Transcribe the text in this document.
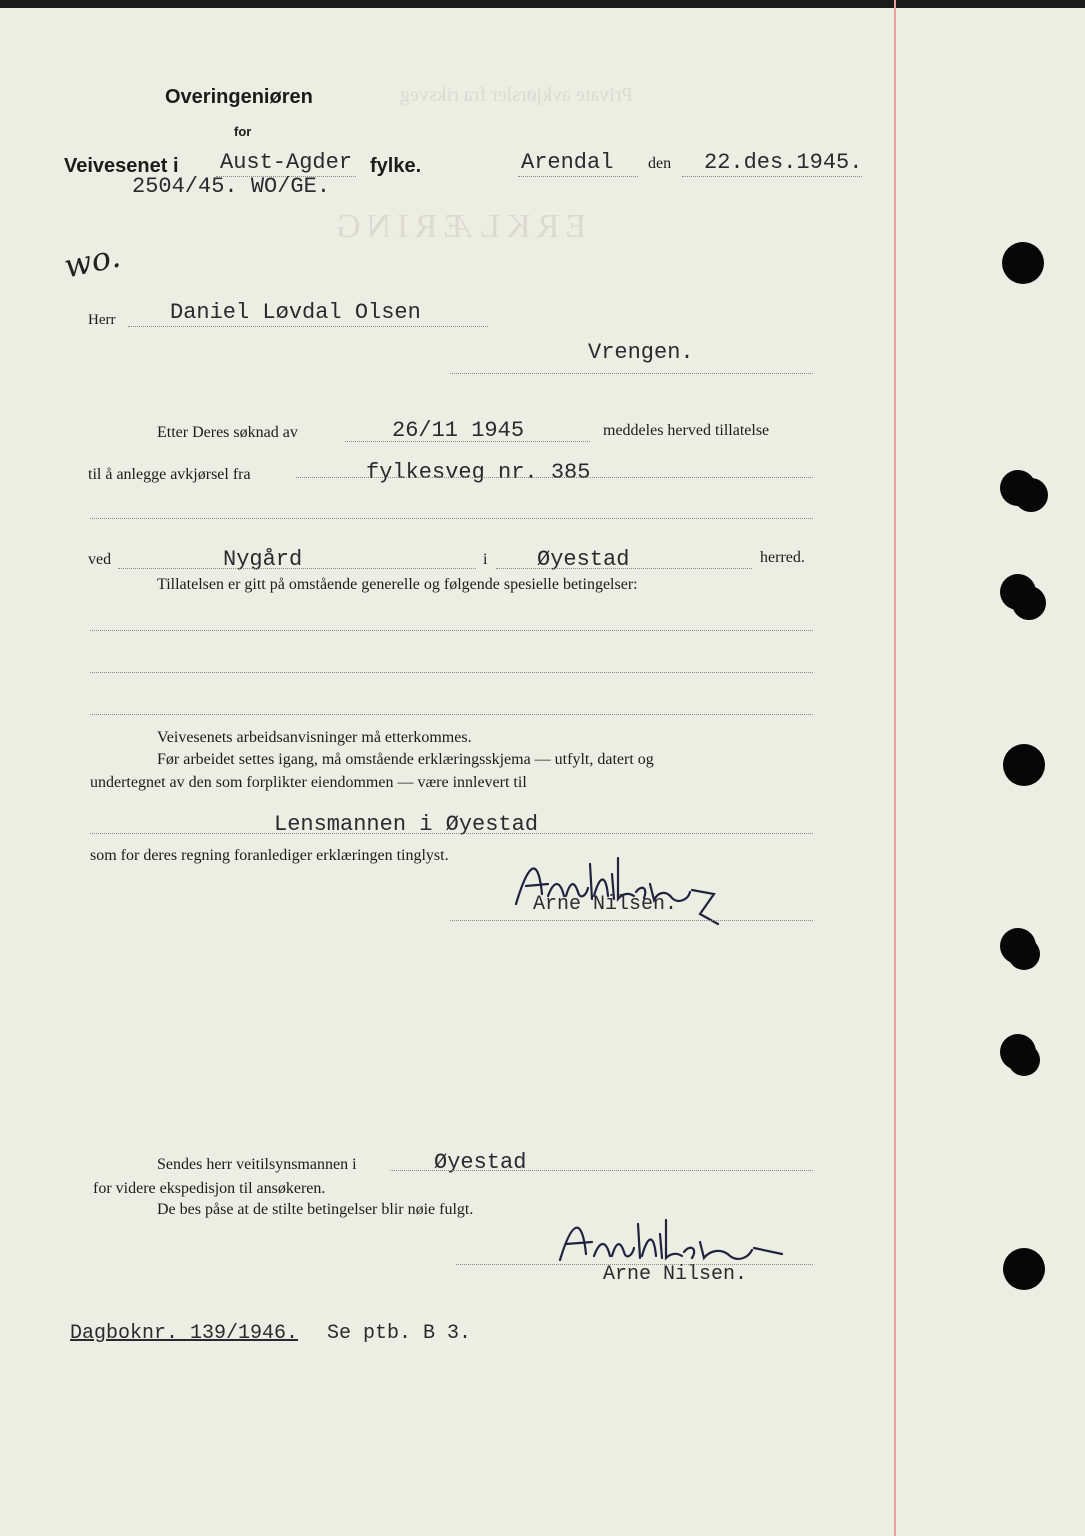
Private avkjørsler fra riksveg
ERKLÆRING
Overingeniøren
for
Veivesenet i Aust-Agder fylke.	Arendal den 22.des.1945.
2504/45. WO/GE.
wo.
Herr Daniel Løvdal Olsen
Vrengen.
Etter Deres søknad av	26/11 1945	meddeles herved tillatelse
til å anlegge avkjørsel fra	fylkesveg nr. 385
ved	Nygård	i Øyestad	herred.
Tillatelsen er gitt på omstående generelle og følgende spesielle betingelser:
Veivesenets arbeidsanvisninger må etterkommes.
Før arbeidet settes igang, må omstående erklæringsskjema — utfylt, datert og
undertegnet av den som forplikter eiendommen — være innlevert til
Lensmannen i Øyestad
som for deres regning foranlediger erklæringen tinglyst.
Arne Nilsen.
Sendes herr veitilsynsmannen i	Øyestad
for videre ekspedisjon til ansøkeren.
De bes påse at de stilte betingelser blir nøie fulgt.
Arne Nilsen.
Dagboknr. 139/1946. Se ptb. B 3.
